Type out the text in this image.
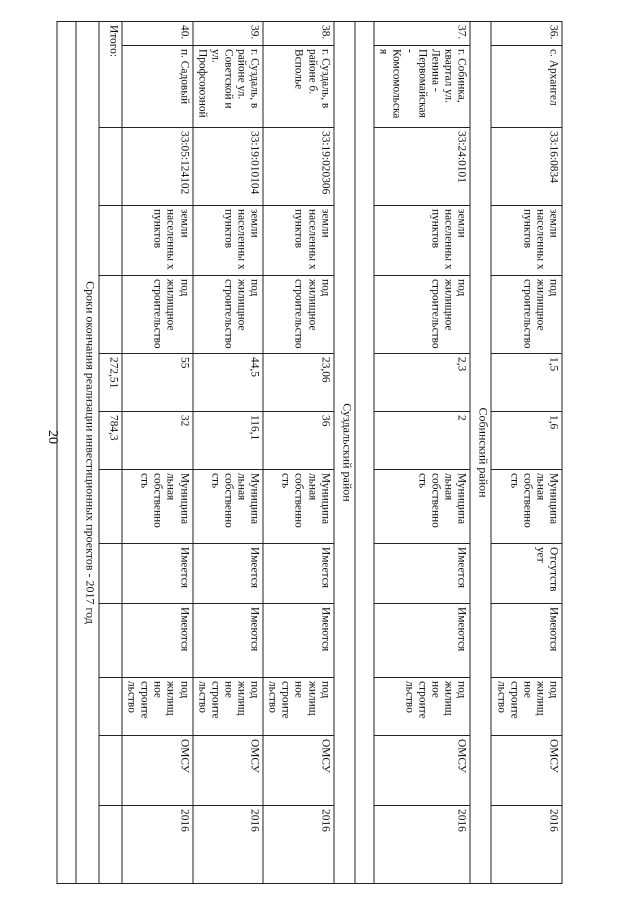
20
36.	с. Архангел	33:16:0834	земли населенны х пунктов	под жилищное строительство	1,5	1,6	Муниципа льная собственно сть	Отсутств ует	Имеются	под жилищ ное строите льство	ОМСУ	2016
Собинский район												
37.	г. Собинка, квартал ул. Ленина - Первомайская - Комсомольска я	33:24:0101	земли населенны х пунктов	под жилищное строительство	2,3	2	Муниципа льная собственно сть	Имеется	Имеются	под жилищ ное строите льство	ОМСУ	2016

Суздальский район												
38.	г. Суздаль, в районе б. Всполье	33:19:020306	земли населенны х пунктов	под жилищное строительство	23,06	36	Муниципа льная собственно сть	Имеется	Имеются	под жилищ ное строите льство	ОМСУ	2016
39.	г. Суздаль, в районе ул. Советской и ул. Профсоюзной	33:19:010104	земли населенны х пунктов	под жилищное строительство	44,5	116,1	Муниципа льная собственно сть	Имеется	Имеются	под жилищ ное строите льство	ОМСУ	2016
40.	п. Садовый	33:05:124102	земли населенны х пунктов	под жилищное строительство	55	32	Муниципа льная собственно сть	Имеется	Имеются	под жилищ ное строите льство	ОМСУ	2016
Итого:					272,51	784,3						
Сроки окончания реализации инвестиционных проектов - 2017 год												
